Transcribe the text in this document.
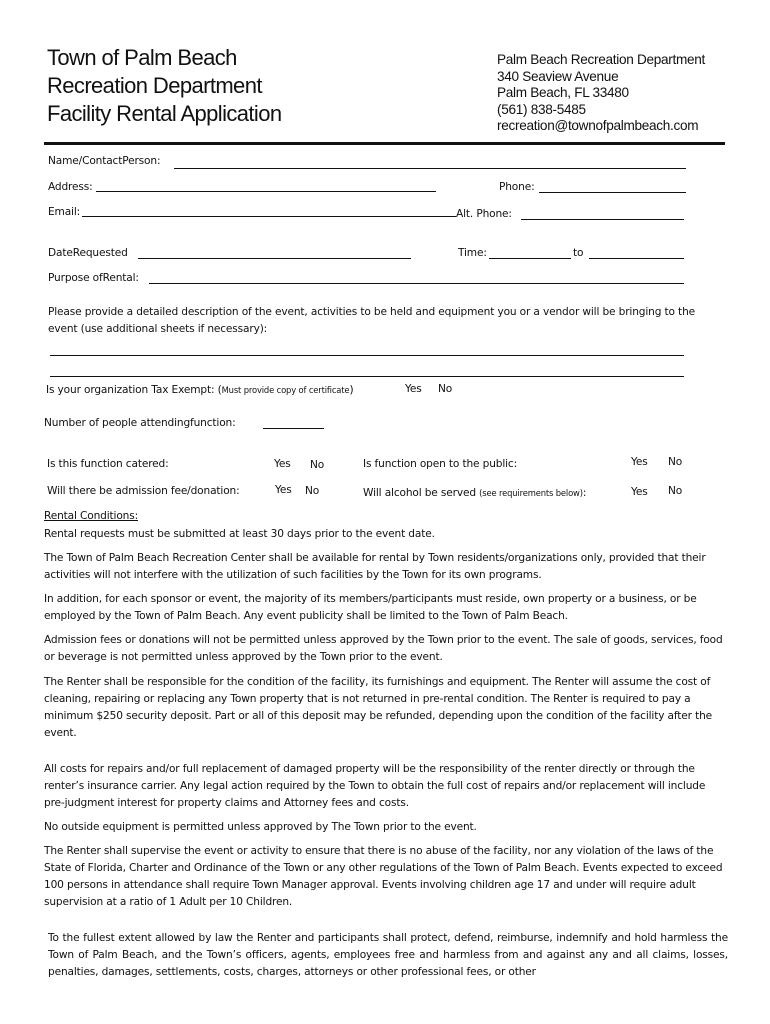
Town of Palm Beach
Recreation Department
Facility Rental Application
Palm Beach Recreation Department
340 Seaview Avenue
Palm Beach, FL 33480
(561) 838-5485
recreation@townofpalmbeach.com
Name/ContactPerson:
Address:	Phone:
Email:	Alt. Phone:
DateRequested	Time:	to
Purpose ofRental:
Please provide a detailed description of the event, activities to be held and equipment you or a vendor will be bringing to the event (use additional sheets if necessary):
Is your organization Tax Exempt: (Must provide copy of certificate)	Yes No
Number of people attendingfunction:
Is this function catered:	Yes No	Is function open to the public:	Yes No
Will there be admission fee/donation:	Yes No	Will alcohol be served (see requirements below):	Yes No
Rental Conditions:
Rental requests must be submitted at least 30 days prior to the event date.
The Town of Palm Beach Recreation Center shall be available for rental by Town residents/organizations only, provided that their activities will not interfere with the utilization of such facilities by the Town for its own programs.
In addition, for each sponsor or event, the majority of its members/participants must reside, own property or a business, or be employed by the Town of Palm Beach. Any event publicity shall be limited to the Town of Palm Beach.
Admission fees or donations will not be permitted unless approved by the Town prior to the event. The sale of goods, services, food or beverage is not permitted unless approved by the Town prior to the event.
The Renter shall be responsible for the condition of the facility, its furnishings and equipment. The Renter will assume the cost of cleaning, repairing or replacing any Town property that is not returned in pre-rental condition. The Renter is required to pay a minimum $250 security deposit. Part or all of this deposit may be refunded, depending upon the condition of the facility after the event.
All costs for repairs and/or full replacement of damaged property will be the responsibility of the renter directly or through the renter’s insurance carrier. Any legal action required by the Town to obtain the full cost of repairs and/or replacement will include pre-judgment interest for property claims and Attorney fees and costs.
No outside equipment is permitted unless approved by The Town prior to the event.
The Renter shall supervise the event or activity to ensure that there is no abuse of the facility, nor any violation of the laws of the State of Florida, Charter and Ordinance of the Town or any other regulations of the Town of Palm Beach. Events expected to exceed 100 persons in attendance shall require Town Manager approval. Events involving children age 17 and under will require adult supervision at a ratio of 1 Adult per 10 Children.
To the fullest extent allowed by law the Renter and participants shall protect, defend, reimburse, indemnify and hold harmless the Town of Palm Beach, and the Town’s officers, agents, employees free and harmless from and against any and all claims, losses, penalties, damages, settlements, costs, charges, attorneys or other professional fees, or other
